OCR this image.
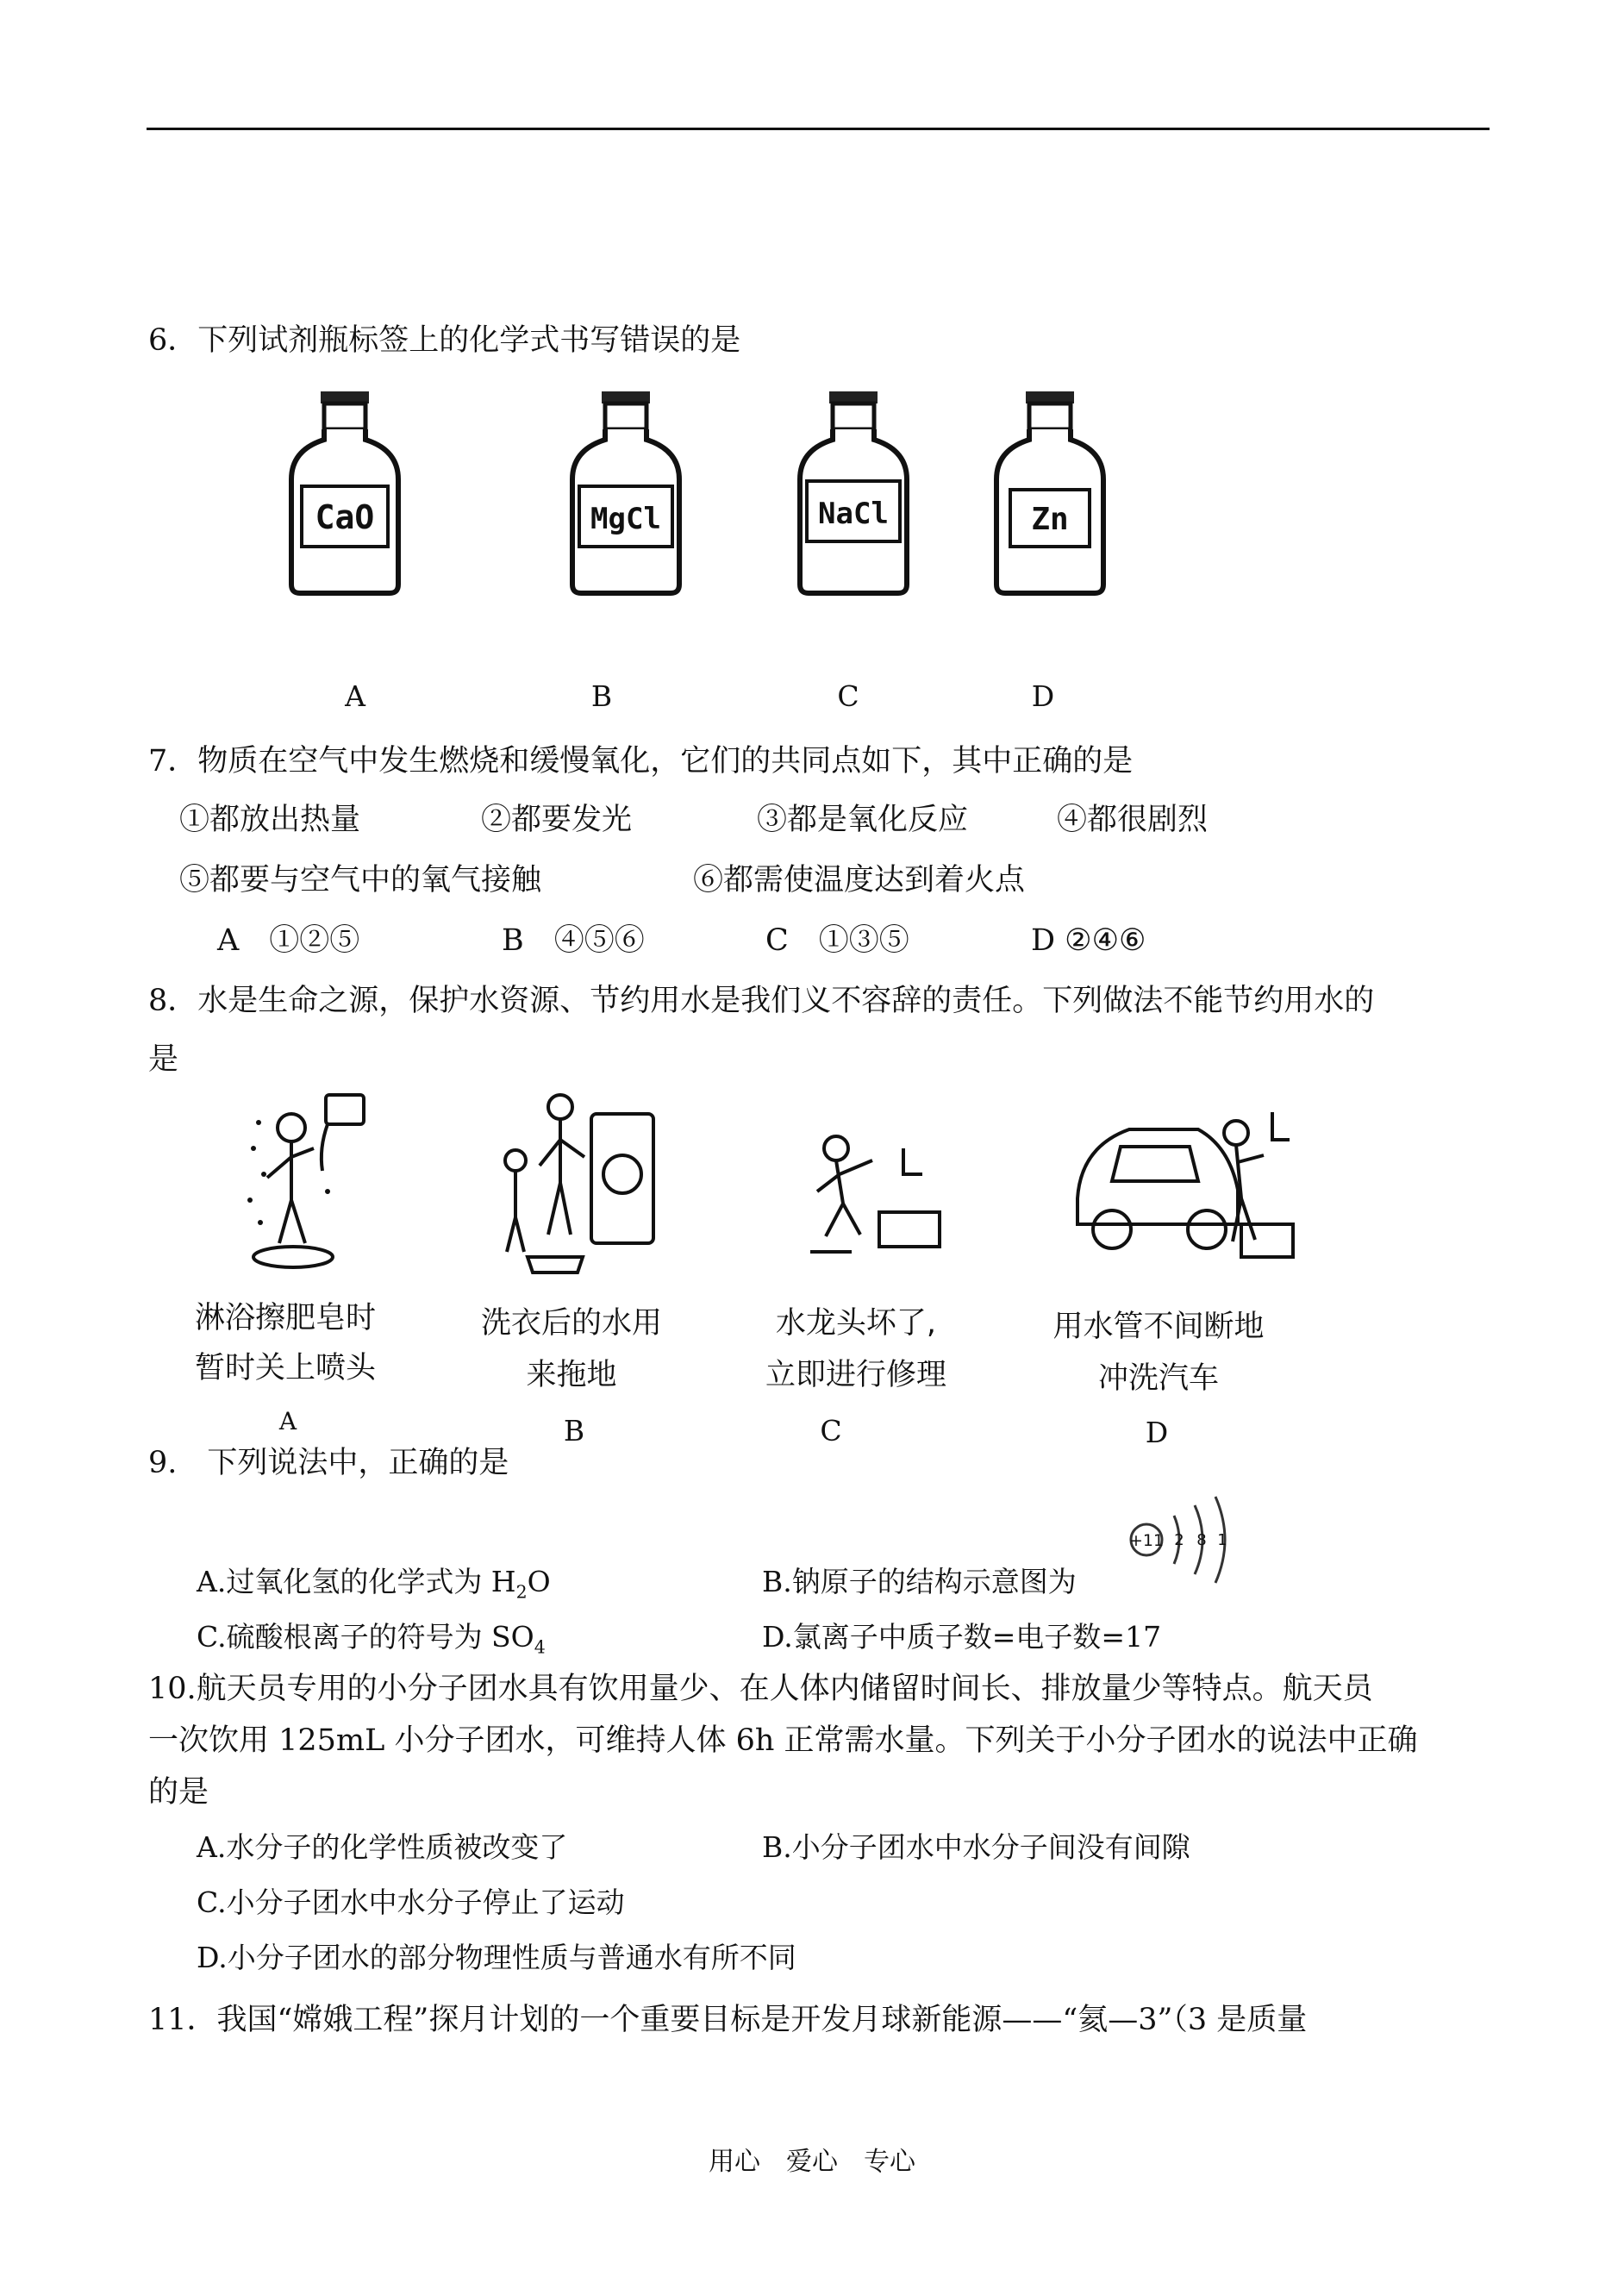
6．下列试剂瓶标签上的化学式书写错误的是
CaO	MgCl	NaCl	Zn
A	B	C	D
7．物质在空气中发生燃烧和缓慢氧化，它们的共同点如下，其中正确的是
①都放出热量	②都要发光	③都是氧化反应	④都很剧烈
⑤都要与空气中的氧气接触	⑥都需使温度达到着火点
A　①②⑤	B　④⑤⑥	C　①③⑤	D ②④⑥
8．水是生命之源，保护水资源、节约用水是我们义不容辞的责任。下列做法不能节约用水的
是
淋浴擦肥皂时
暂时关上喷头
洗衣后的水用
来拖地
水龙头坏了,
立即进行修理
用水管不间断地
冲洗汽车
A	B	C	D
9.　下列说法中，正确的是
A.过氧化氢的化学式为 $H_2O$	B.钠原子的结构示意图为
+11 2 8 1
C.硫酸根离子的符号为 $SO_4$	D.氯离子中质子数=电子数=17
10.航天员专用的小分子团水具有饮用量少、在人体内储留时间长、排放量少等特点。航天员
一次饮用 125mL 小分子团水，可维持人体 6h 正常需水量。下列关于小分子团水的说法中正确
的是
A.水分子的化学性质被改变了	B.小分子团水中水分子间没有间隙
C.小分子团水中水分子停止了运动
D.小分子团水的部分物理性质与普通水有所不同
11．我国“嫦娥工程”探月计划的一个重要目标是开发月球新能源——“氦—3”（3 是质量
用心　爱心　专心
